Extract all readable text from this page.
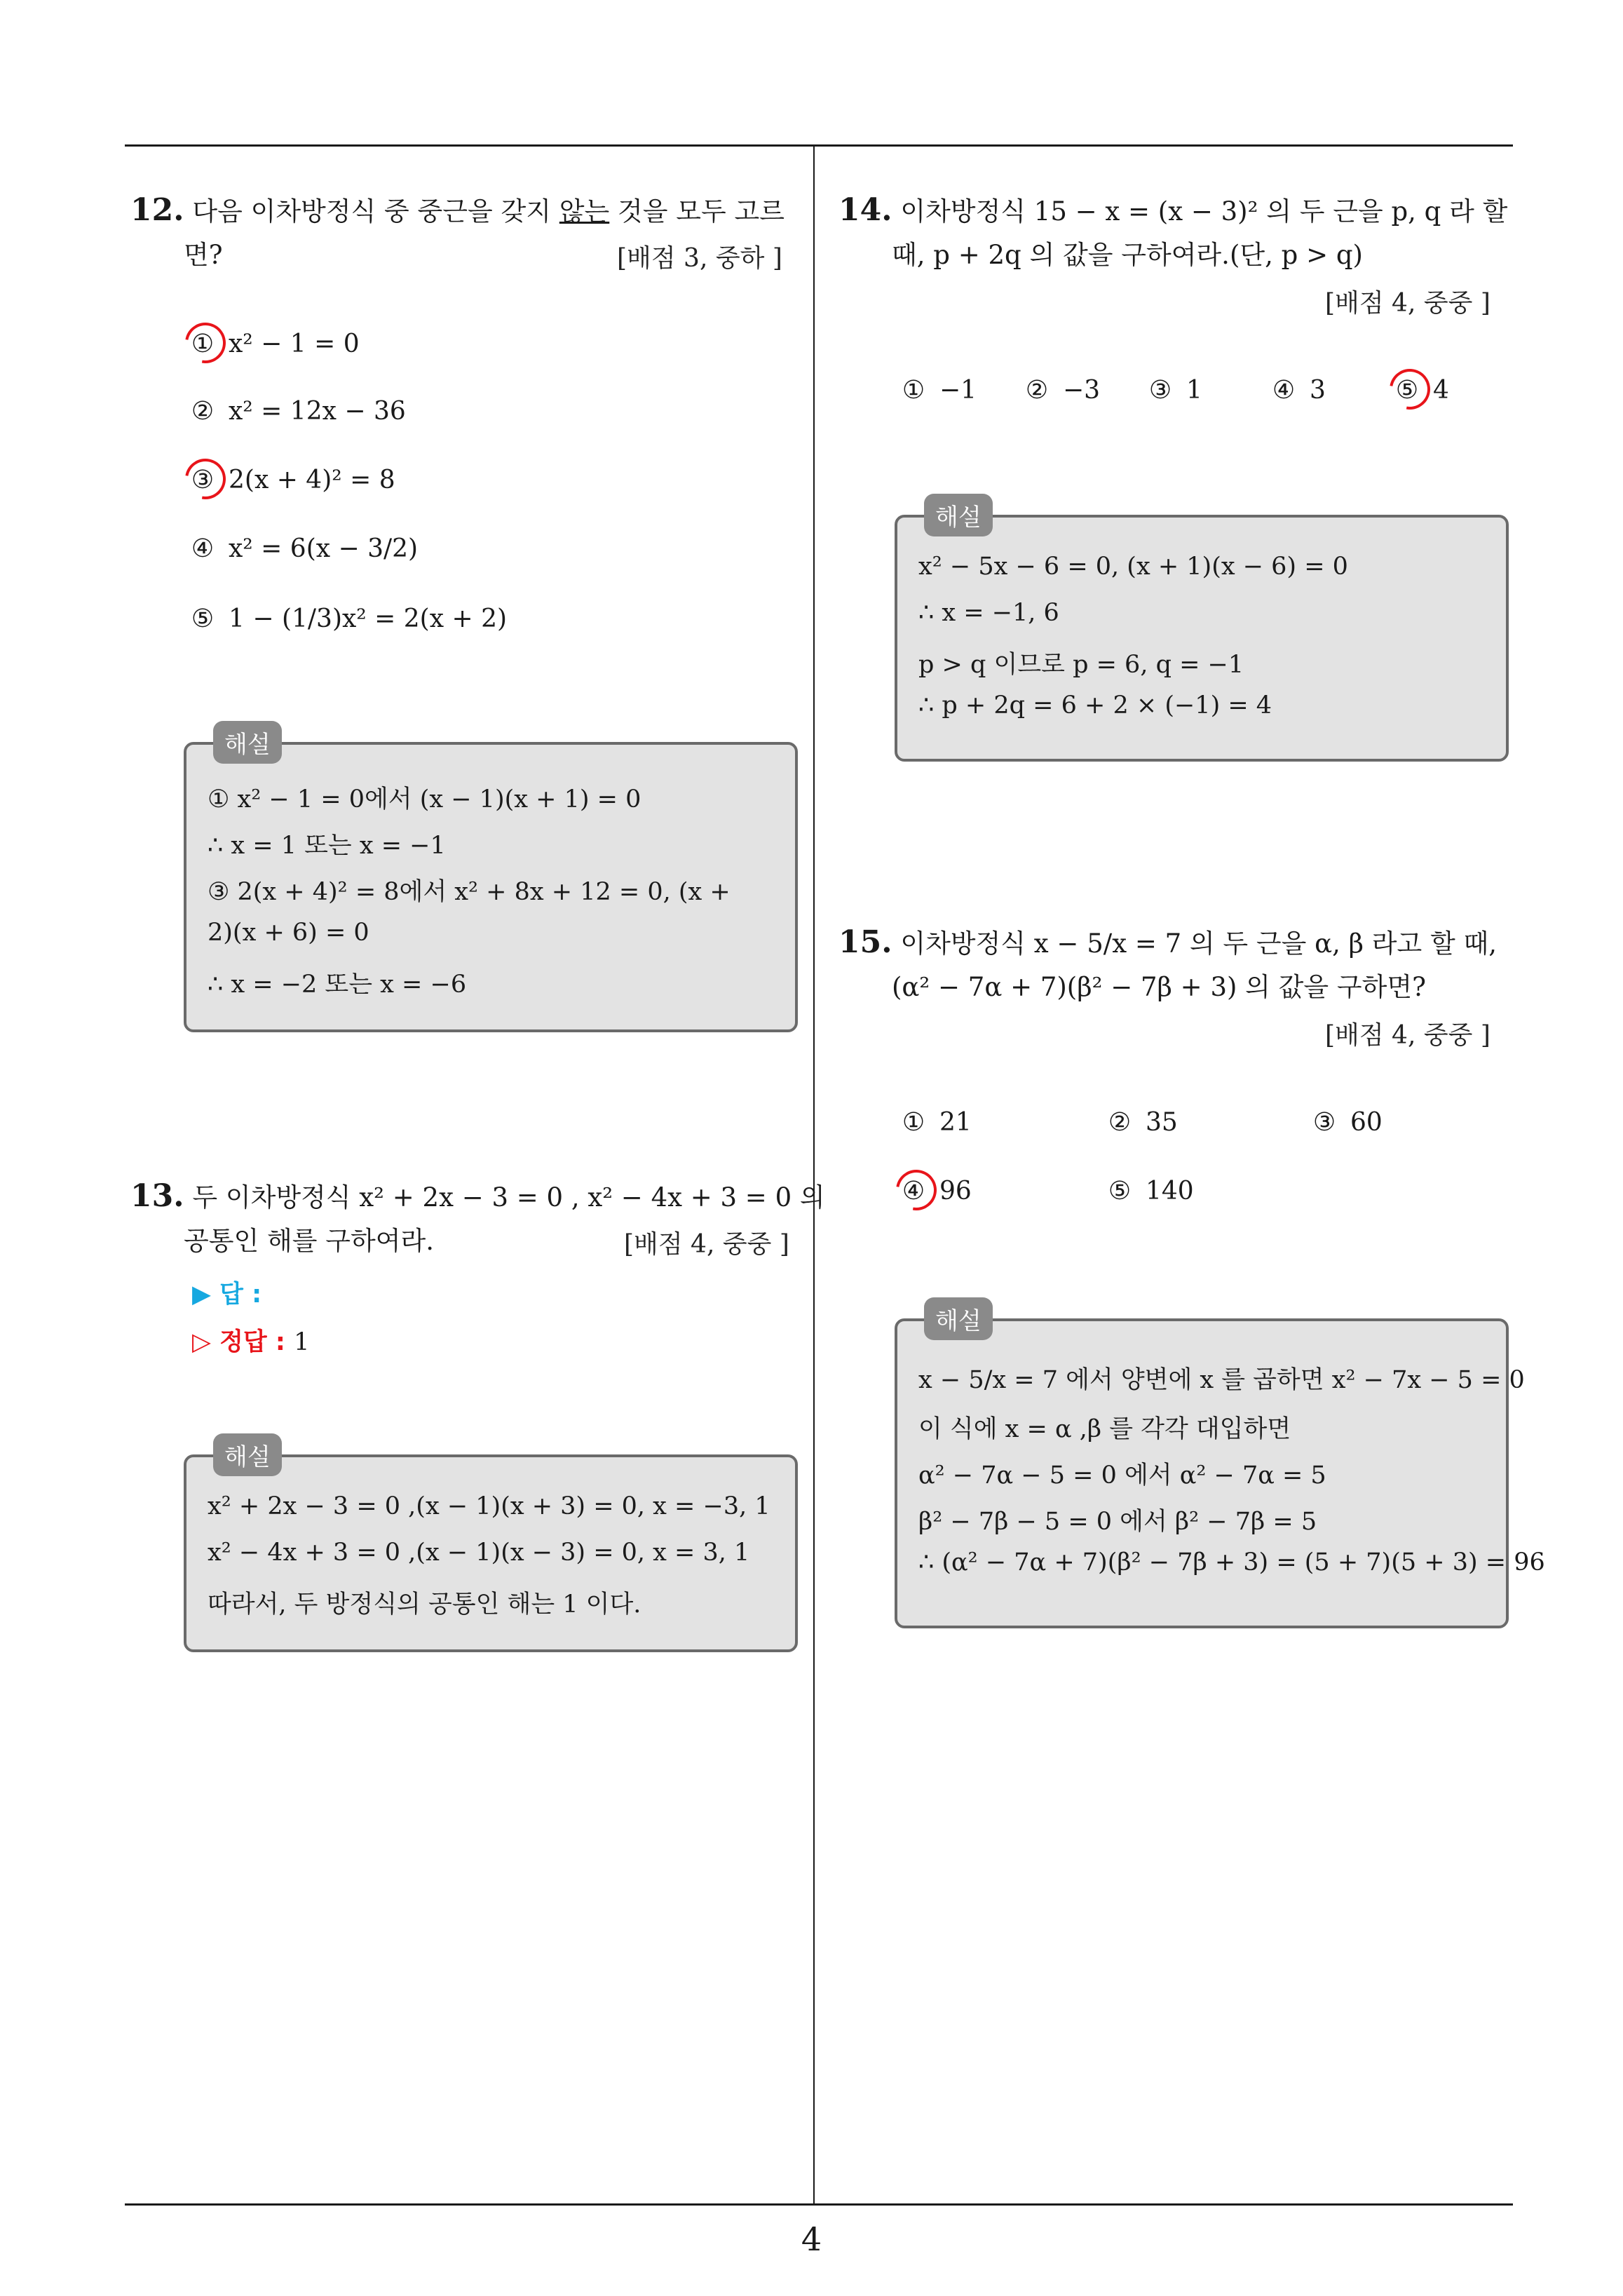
12. 다음 이차방정식 중 중근을 갖지 않는 것을 모두 고르
면?	[배점 3, 중하 ]
① x² − 1 = 0
② x² = 12x − 36
③ 2(x + 4)² = 8
④ x² = 6(x − 3/2)
⑤ 1 − (1/3)x² = 2(x + 2)
해설
① x² − 1 = 0에서 (x − 1)(x + 1) = 0
∴ x = 1 또는 x = −1
③ 2(x + 4)² = 8에서 x² + 8x + 12 = 0, (x +
2)(x + 6) = 0
∴ x = −2 또는 x = −6
13. 두 이차방정식 x² + 2x − 3 = 0 , x² − 4x + 3 = 0 의
공통인 해를 구하여라.	[배점 4, 중중 ]
▶ 답 :
▷ 정답 : 1
해설
x² + 2x − 3 = 0 ,(x − 1)(x + 3) = 0, x = −3, 1
x² − 4x + 3 = 0 ,(x − 1)(x − 3) = 0, x = 3, 1
따라서, 두 방정식의 공통인 해는 1 이다.
14. 이차방정식 15 − x = (x − 3)² 의 두 근을 p, q 라 할
때, p + 2q 의 값을 구하여라.(단, p > q)
[배점 4, 중중 ]
① −1 ② −3 ③ 1	④ 3	⑤ 4
해설
x² − 5x − 6 = 0, (x + 1)(x − 6) = 0
∴ x = −1, 6
p > q 이므로 p = 6, q = −1
∴ p + 2q = 6 + 2 × (−1) = 4
15. 이차방정식 x − 5/x = 7 의 두 근을 α, β 라고 할 때,
(α² − 7α + 7)(β² − 7β + 3) 의 값을 구하면?
[배점 4, 중중 ]
① 21	② 35	③ 60
④ 96	⑤ 140
해설
x − 5/x = 7 에서 양변에 x 를 곱하면 x² − 7x − 5 = 0
이 식에 x = α ,β 를 각각 대입하면
α² − 7α − 5 = 0 에서 α² − 7α = 5
β² − 7β − 5 = 0 에서 β² − 7β = 5
∴ (α² − 7α + 7)(β² − 7β + 3) = (5 + 7)(5 + 3) = 96
4
